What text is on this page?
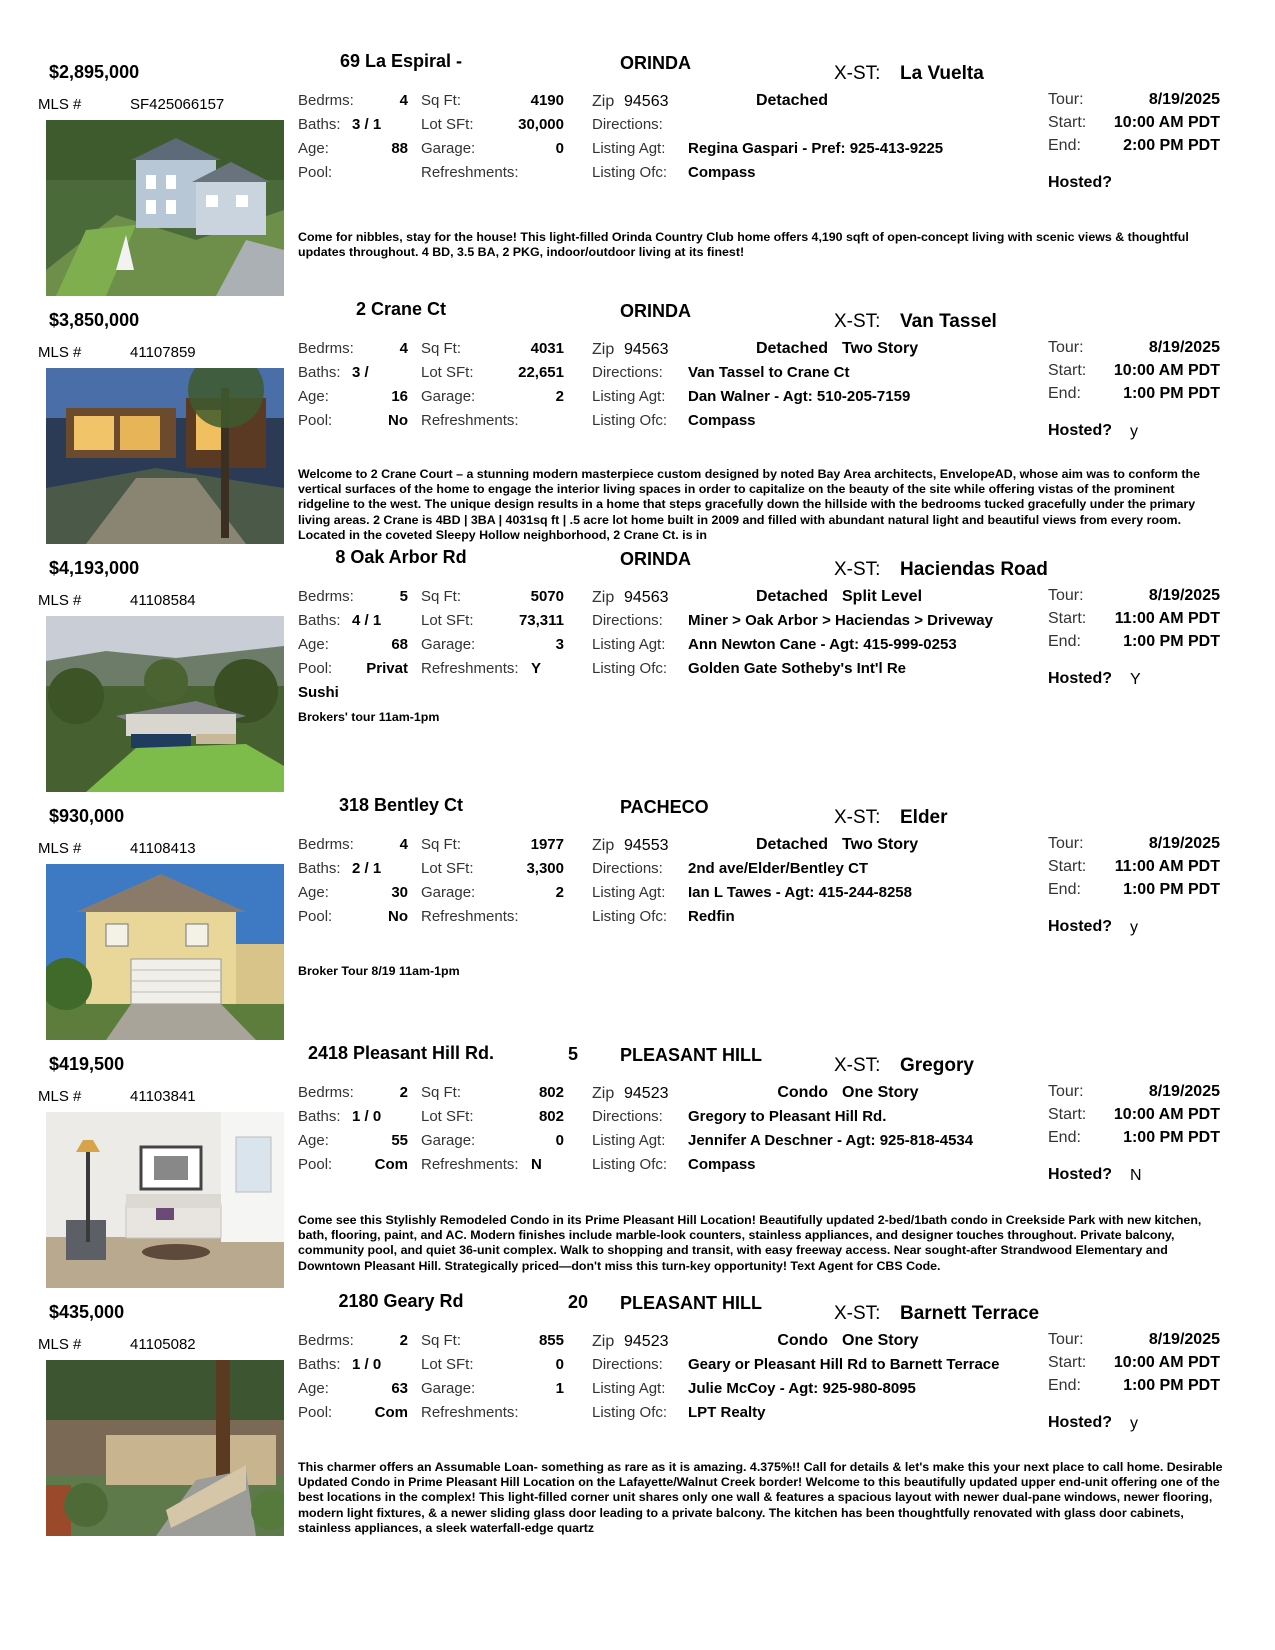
$2,895,000
69 La Espiral -	ORINDA	X-ST: La Vuelta
MLS #	SF425066157	Bedrms:	4
Baths: 3 / 1
Age:	88
Pool:
Sq Ft:	4190
Lot SFt:	30,000
Garage:	0
Refreshments:
Zip 94563	Detached
Directions:
Listing Agt: Regina Gaspari - Pref: 925-413-9225
Listing Ofc: Compass
Tour:	8/19/2025
Start:	10:00 AM PDT
End:	2:00 PM PDT
Hosted?
Come for nibbles, stay for the house! This light-filled Orinda Country Club home offers 4,190 sqft of open-concept living with scenic views & thoughtful updates throughout. 4 BD, 3.5 BA, 2 PKG, indoor/outdoor living at its finest!
$3,850,000
2 Crane Ct	ORINDA	X-ST: Van Tassel
MLS #	41107859	Bedrms:	4
Baths: 3 /
Age:	16
Pool:	No
Sq Ft:	4031
Lot SFt:	22,651
Garage:	2
Refreshments:
Zip 94563	Detached Two Story
Directions: Van Tassel to Crane Ct
Listing Agt: Dan Walner - Agt: 510-205-7159
Listing Ofc: Compass
Tour:	8/19/2025
Start:	10:00 AM PDT
End:	1:00 PM PDT
Hosted? y
Welcome to 2 Crane Court – a stunning modern masterpiece custom designed by noted Bay Area architects, EnvelopeAD, whose aim was to conform the vertical surfaces of the home to engage the interior living spaces in order to capitalize on the beauty of the site while offering vistas of the prominent ridgeline to the west. The unique design results in a home that steps gracefully down the hillside with the bedrooms tucked gracefully under the primary living areas. 2 Crane is 4BD | 3BA | 4031sq ft | .5 acre lot home built in 2009 and filled with abundant natural light and beautiful views from every room. Located in the coveted Sleepy Hollow neighborhood, 2 Crane Ct. is in
$4,193,000
8 Oak Arbor Rd	ORINDA	X-ST: Haciendas Road
MLS #	41108584	Bedrms:	5
Baths: 4 / 1
Age:	68
Pool:	Privat
Sq Ft:	5070
Lot SFt:	73,311
Garage:	3
Refreshments: Y
Zip 94563	Detached Split Level
Directions: Miner > Oak Arbor > Haciendas > Driveway
Listing Agt: Ann Newton Cane - Agt: 415-999-0253
Listing Ofc: Golden Gate Sotheby's Int'l Re
Tour:	8/19/2025
Start:	11:00 AM PDT
End:	1:00 PM PDT
Hosted? Y
Sushi
Brokers' tour 11am-1pm
$930,000
318 Bentley Ct	PACHECO	X-ST: Elder
MLS #	41108413	Bedrms:	4
Baths: 2 / 1
Age:	30
Pool:	No
Sq Ft:	1977
Lot SFt:	3,300
Garage:	2
Refreshments:
Zip 94553	Detached Two Story
Directions: 2nd ave/Elder/Bentley CT
Listing Agt: Ian L Tawes - Agt: 415-244-8258
Listing Ofc: Redfin
Tour:	8/19/2025
Start:	11:00 AM PDT
End:	1:00 PM PDT
Hosted? y
Broker Tour 8/19 11am-1pm
$419,500
2418 Pleasant Hill Rd.	5 PLEASANT HILL	X-ST: Gregory
MLS #	41103841	Bedrms:	2
Baths: 1 / 0
Age:	55
Pool:	Com
Sq Ft:	802
Lot SFt:	802
Garage:	0
Refreshments: N
Zip 94523	Condo One Story
Directions: Gregory to Pleasant Hill Rd.
Listing Agt: Jennifer A Deschner - Agt: 925-818-4534
Listing Ofc: Compass
Tour:	8/19/2025
Start:	10:00 AM PDT
End:	1:00 PM PDT
Hosted? N
Come see this Stylishly Remodeled Condo in its Prime Pleasant Hill Location! Beautifully updated 2-bed/1bath condo in Creekside Park with new kitchen, bath, flooring, paint, and AC. Modern finishes include marble-look counters, stainless appliances, and designer touches throughout. Private balcony, community pool, and quiet 36-unit complex. Walk to shopping and transit, with easy freeway access. Near sought-after Strandwood Elementary and Downtown Pleasant Hill. Strategically priced—don't miss this turn-key opportunity! Text Agent for CBS Code.
$435,000
2180 Geary Rd	20 PLEASANT HILL	X-ST: Barnett Terrace
MLS #	41105082	Bedrms:	2
Baths: 1 / 0
Age:	63
Pool:	Com
Sq Ft:	855
Lot SFt:	0
Garage:	1
Refreshments:
Zip 94523	Condo One Story
Directions: Geary or Pleasant Hill Rd to Barnett Terrace
Listing Agt: Julie McCoy - Agt: 925-980-8095
Listing Ofc: LPT Realty
Tour:	8/19/2025
Start:	10:00 AM PDT
End:	1:00 PM PDT
Hosted? y
This charmer offers an Assumable Loan- something as rare as it is amazing. 4.375%!! Call for details & let's make this your next place to call home. Desirable Updated Condo in Prime Pleasant Hill Location on the Lafayette/Walnut Creek border! Welcome to this beautifully updated upper end-unit offering one of the best locations in the complex! This light-filled corner unit shares only one wall & features a spacious layout with newer dual-pane windows, newer flooring, modern light fixtures, & a newer sliding glass door leading to a private balcony. The kitchen has been thoughtfully renovated with glass door cabinets, stainless appliances, a sleek waterfall-edge quartz
